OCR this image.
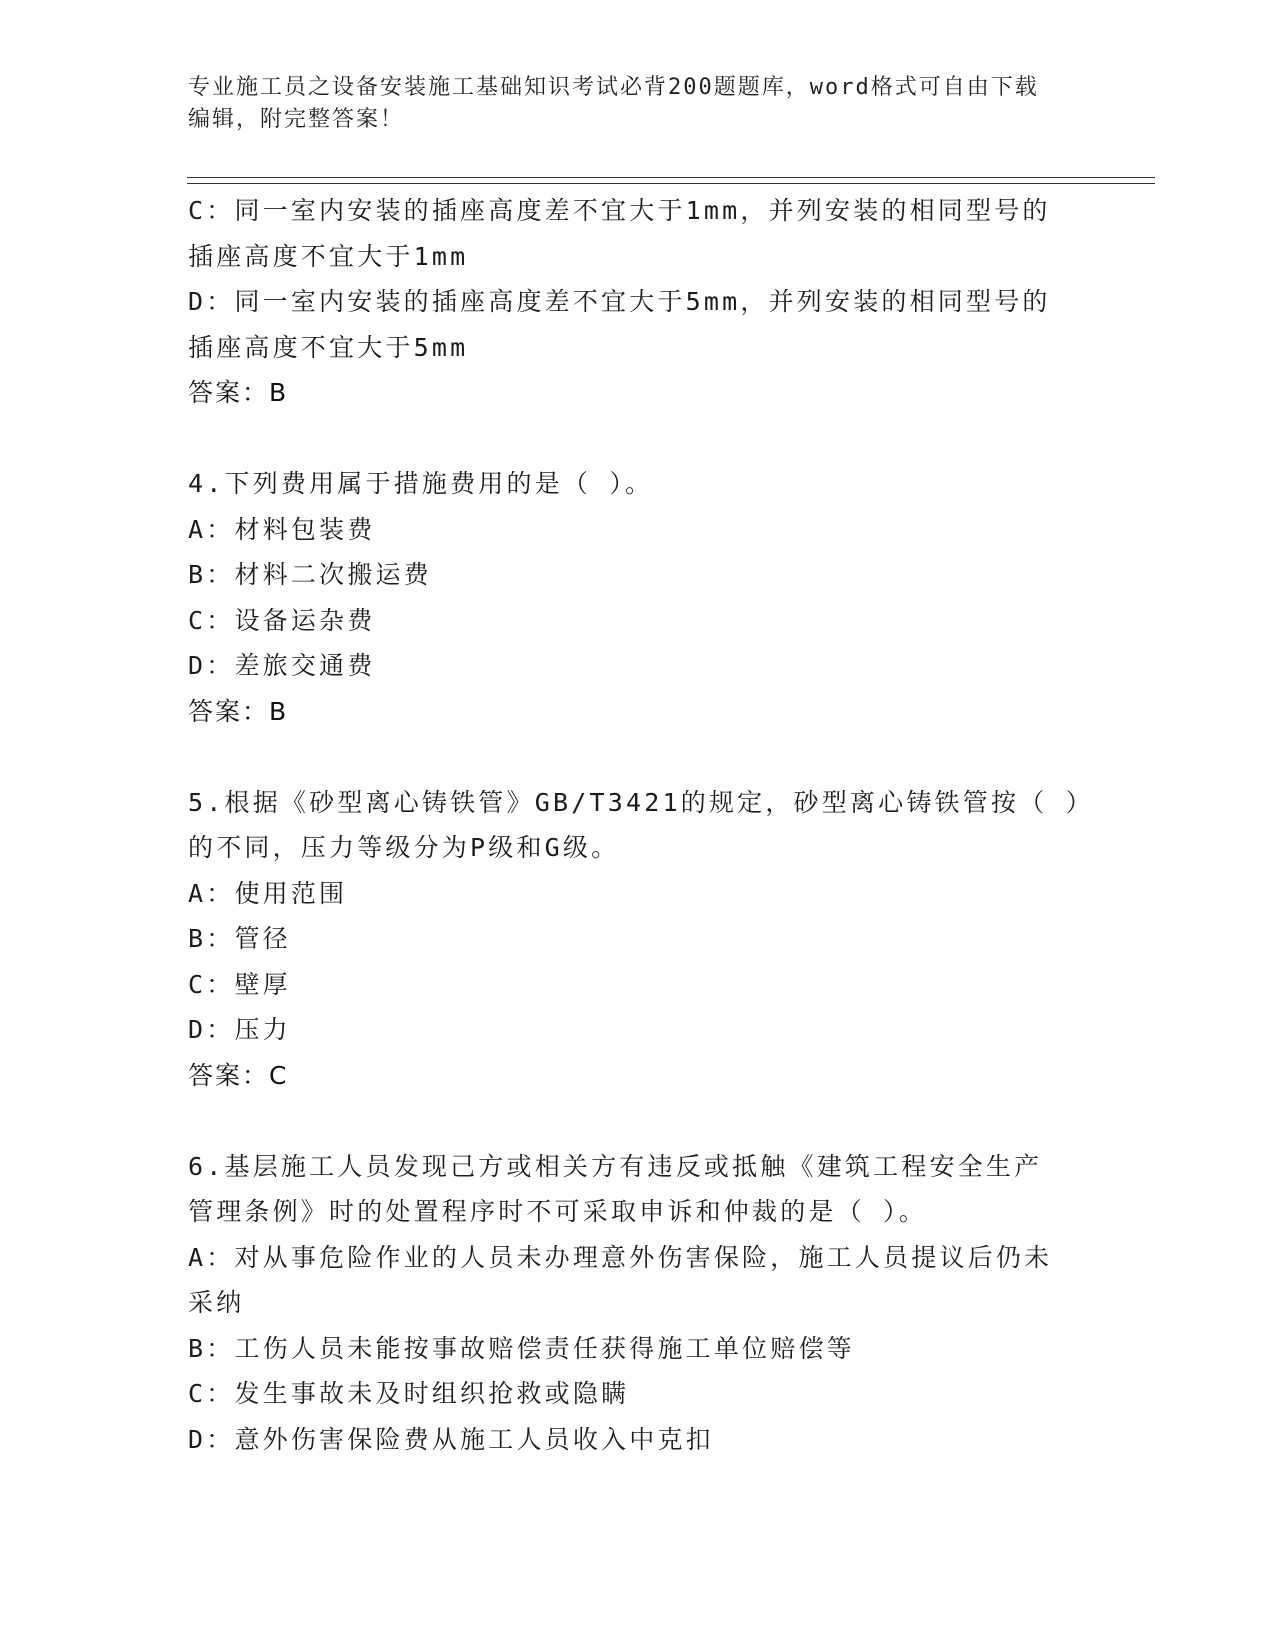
专业施工员之设备安装施工基础知识考试必背200题题库，word格式可自由下载
编辑，附完整答案！
C：同一室内安装的插座高度差不宜大于1mm，并列安装的相同型号的
插座高度不宜大于1mm
D：同一室内安装的插座高度差不宜大于5mm，并列安装的相同型号的
插座高度不宜大于5mm
答案：B
4.下列费用属于措施费用的是（ ）。
A：材料包装费
B：材料二次搬运费
C：设备运杂费
D：差旅交通费
答案：B
5.根据《砂型离心铸铁管》GB/T3421的规定，砂型离心铸铁管按（ ）
的不同，压力等级分为P级和G级。
A：使用范围
B：管径
C：壁厚
D：压力
答案：C
6.基层施工人员发现己方或相关方有违反或抵触《建筑工程安全生产
管理条例》时的处置程序时不可采取申诉和仲裁的是（ ）。
A：对从事危险作业的人员未办理意外伤害保险，施工人员提议后仍未
采纳
B：工伤人员未能按事故赔偿责任获得施工单位赔偿等
C：发生事故未及时组织抢救或隐瞒
D：意外伤害保险费从施工人员收入中克扣
